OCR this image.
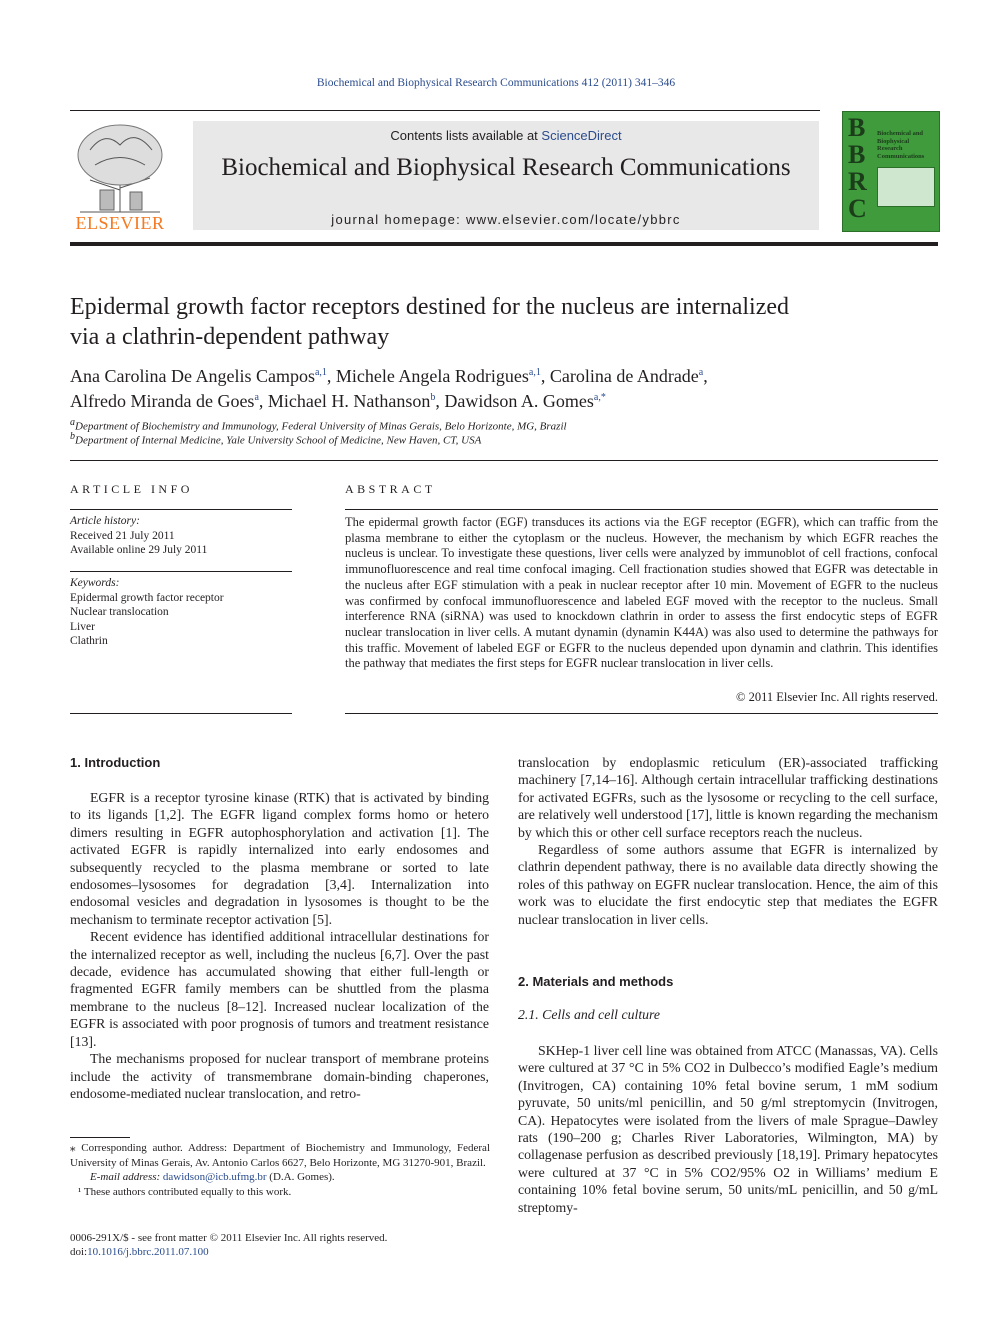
Biochemical and Biophysical Research Communications 412 (2011) 341–346
ELSEVIER
Contents lists available at ScienceDirect
Biochemical and Biophysical Research Communications
journal homepage: www.elsevier.com/locate/ybbrc
B
B
R
C
Biochemical and Biophysical Research Communications
Epidermal growth factor receptors destined for the nucleus are internalized
via a clathrin-dependent pathway
Ana Carolina De Angelis Campos$^{a,1}$, Michele Angela Rodrigues$^{a,1}$, Carolina de Andrade$^a$,
Alfredo Miranda de Goes$^a$, Michael H. Nathanson$^b$, Dawidson A. Gomes$^{a,*}$
$^a$Department of Biochemistry and Immunology, Federal University of Minas Gerais, Belo Horizonte, MG, Brazil
$^b$Department of Internal Medicine, Yale University School of Medicine, New Haven, CT, USA
ARTICLE INFO
Article history:
Received 21 July 2011
Available online 29 July 2011
Keywords:
Epidermal growth factor receptor
Nuclear translocation
Liver
Clathrin
ABSTRACT
The epidermal growth factor (EGF) transduces its actions via the EGF receptor (EGFR), which can traffic from the plasma membrane to either the cytoplasm or the nucleus. However, the mechanism by which EGFR reaches the nucleus is unclear. To investigate these questions, liver cells were analyzed by immunoblot of cell fractions, confocal immunofluorescence and real time confocal imaging. Cell fractionation studies showed that EGFR was detectable in the nucleus after EGF stimulation with a peak in nuclear receptor after 10 min. Movement of EGFR to the nucleus was confirmed by confocal immunofluorescence and labeled EGF moved with the receptor to the nucleus. Small interference RNA (siRNA) was used to knockdown clathrin in order to assess the first endocytic steps of EGFR nuclear translocation in liver cells. A mutant dynamin (dynamin K44A) was also used to determine the pathways for this traffic. Movement of labeled EGF or EGFR to the nucleus depended upon dynamin and clathrin. This identifies the pathway that mediates the first steps for EGFR nuclear translocation in liver cells.
© 2011 Elsevier Inc. All rights reserved.
1. Introduction

EGFR is a receptor tyrosine kinase (RTK) that is activated by binding to its ligands [1,2]. The EGFR ligand complex forms homo or hetero dimers resulting in EGFR autophosphorylation and activation [1]. The activated EGFR is rapidly internalized into early endosomes and subsequently recycled to the plasma membrane or sorted to late endosomes–lysosomes for degradation [3,4]. Internalization into endosomal vesicles and degradation in lysosomes is thought to be the mechanism to terminate receptor activation [5].

Recent evidence has identified additional intracellular destinations for the internalized receptor as well, including the nucleus [6,7]. Over the past decade, evidence has accumulated showing that either full-length or fragmented EGFR family members can be shuttled from the plasma membrane to the nucleus [8–12]. Increased nuclear localization of the EGFR is associated with poor prognosis of tumors and treatment resistance [13].

The mechanisms proposed for nuclear transport of membrane proteins include the activity of transmembrane domain-binding chaperones, endosome-mediated nuclear translocation, and retro-

translocation by endoplasmic reticulum (ER)-associated trafficking machinery [7,14–16]. Although certain intracellular trafficking destinations for activated EGFRs, such as the lysosome or recycling to the cell surface, are relatively well understood [17], little is known regarding the mechanism by which this or other cell surface receptors reach the nucleus.

Regardless of some authors assume that EGFR is internalized by clathrin dependent pathway, there is no available data directly showing the roles of this pathway on EGFR nuclear translocation. Hence, the aim of this work was to elucidate the first endocytic step that mediates the EGFR nuclear translocation in liver cells.

2. Materials and methods
2.1. Cells and cell culture

SKHep-1 liver cell line was obtained from ATCC (Manassas, VA). Cells were cultured at 37 °C in 5% CO2 in Dulbecco’s modified Eagle’s medium (Invitrogen, CA) containing 10% fetal bovine serum, 1 mM sodium pyruvate, 50 units/ml penicillin, and 50 g/ml streptomycin (Invitrogen, CA). Hepatocytes were isolated from the livers of male Sprague–Dawley rats (190–200 g; Charles River Laboratories, Wilmington, MA) by collagenase perfusion as described previously [18,19]. Primary hepatocytes were cultured at 37 °C in 5% CO2/95% O2 in Williams’ medium E containing 10% fetal bovine serum, 50 units/mL penicillin, and 50 g/mL streptomy-

⁎ Corresponding author. Address: Department of Biochemistry and Immunology, Federal University of Minas Gerais, Av. Antonio Carlos 6627, Belo Horizonte, MG 31270-901, Brazil.
E-mail address: dawidson@icb.ufmg.br (D.A. Gomes).
¹ These authors contributed equally to this work.
0006-291X/$ - see front matter © 2011 Elsevier Inc. All rights reserved.
doi:10.1016/j.bbrc.2011.07.100
